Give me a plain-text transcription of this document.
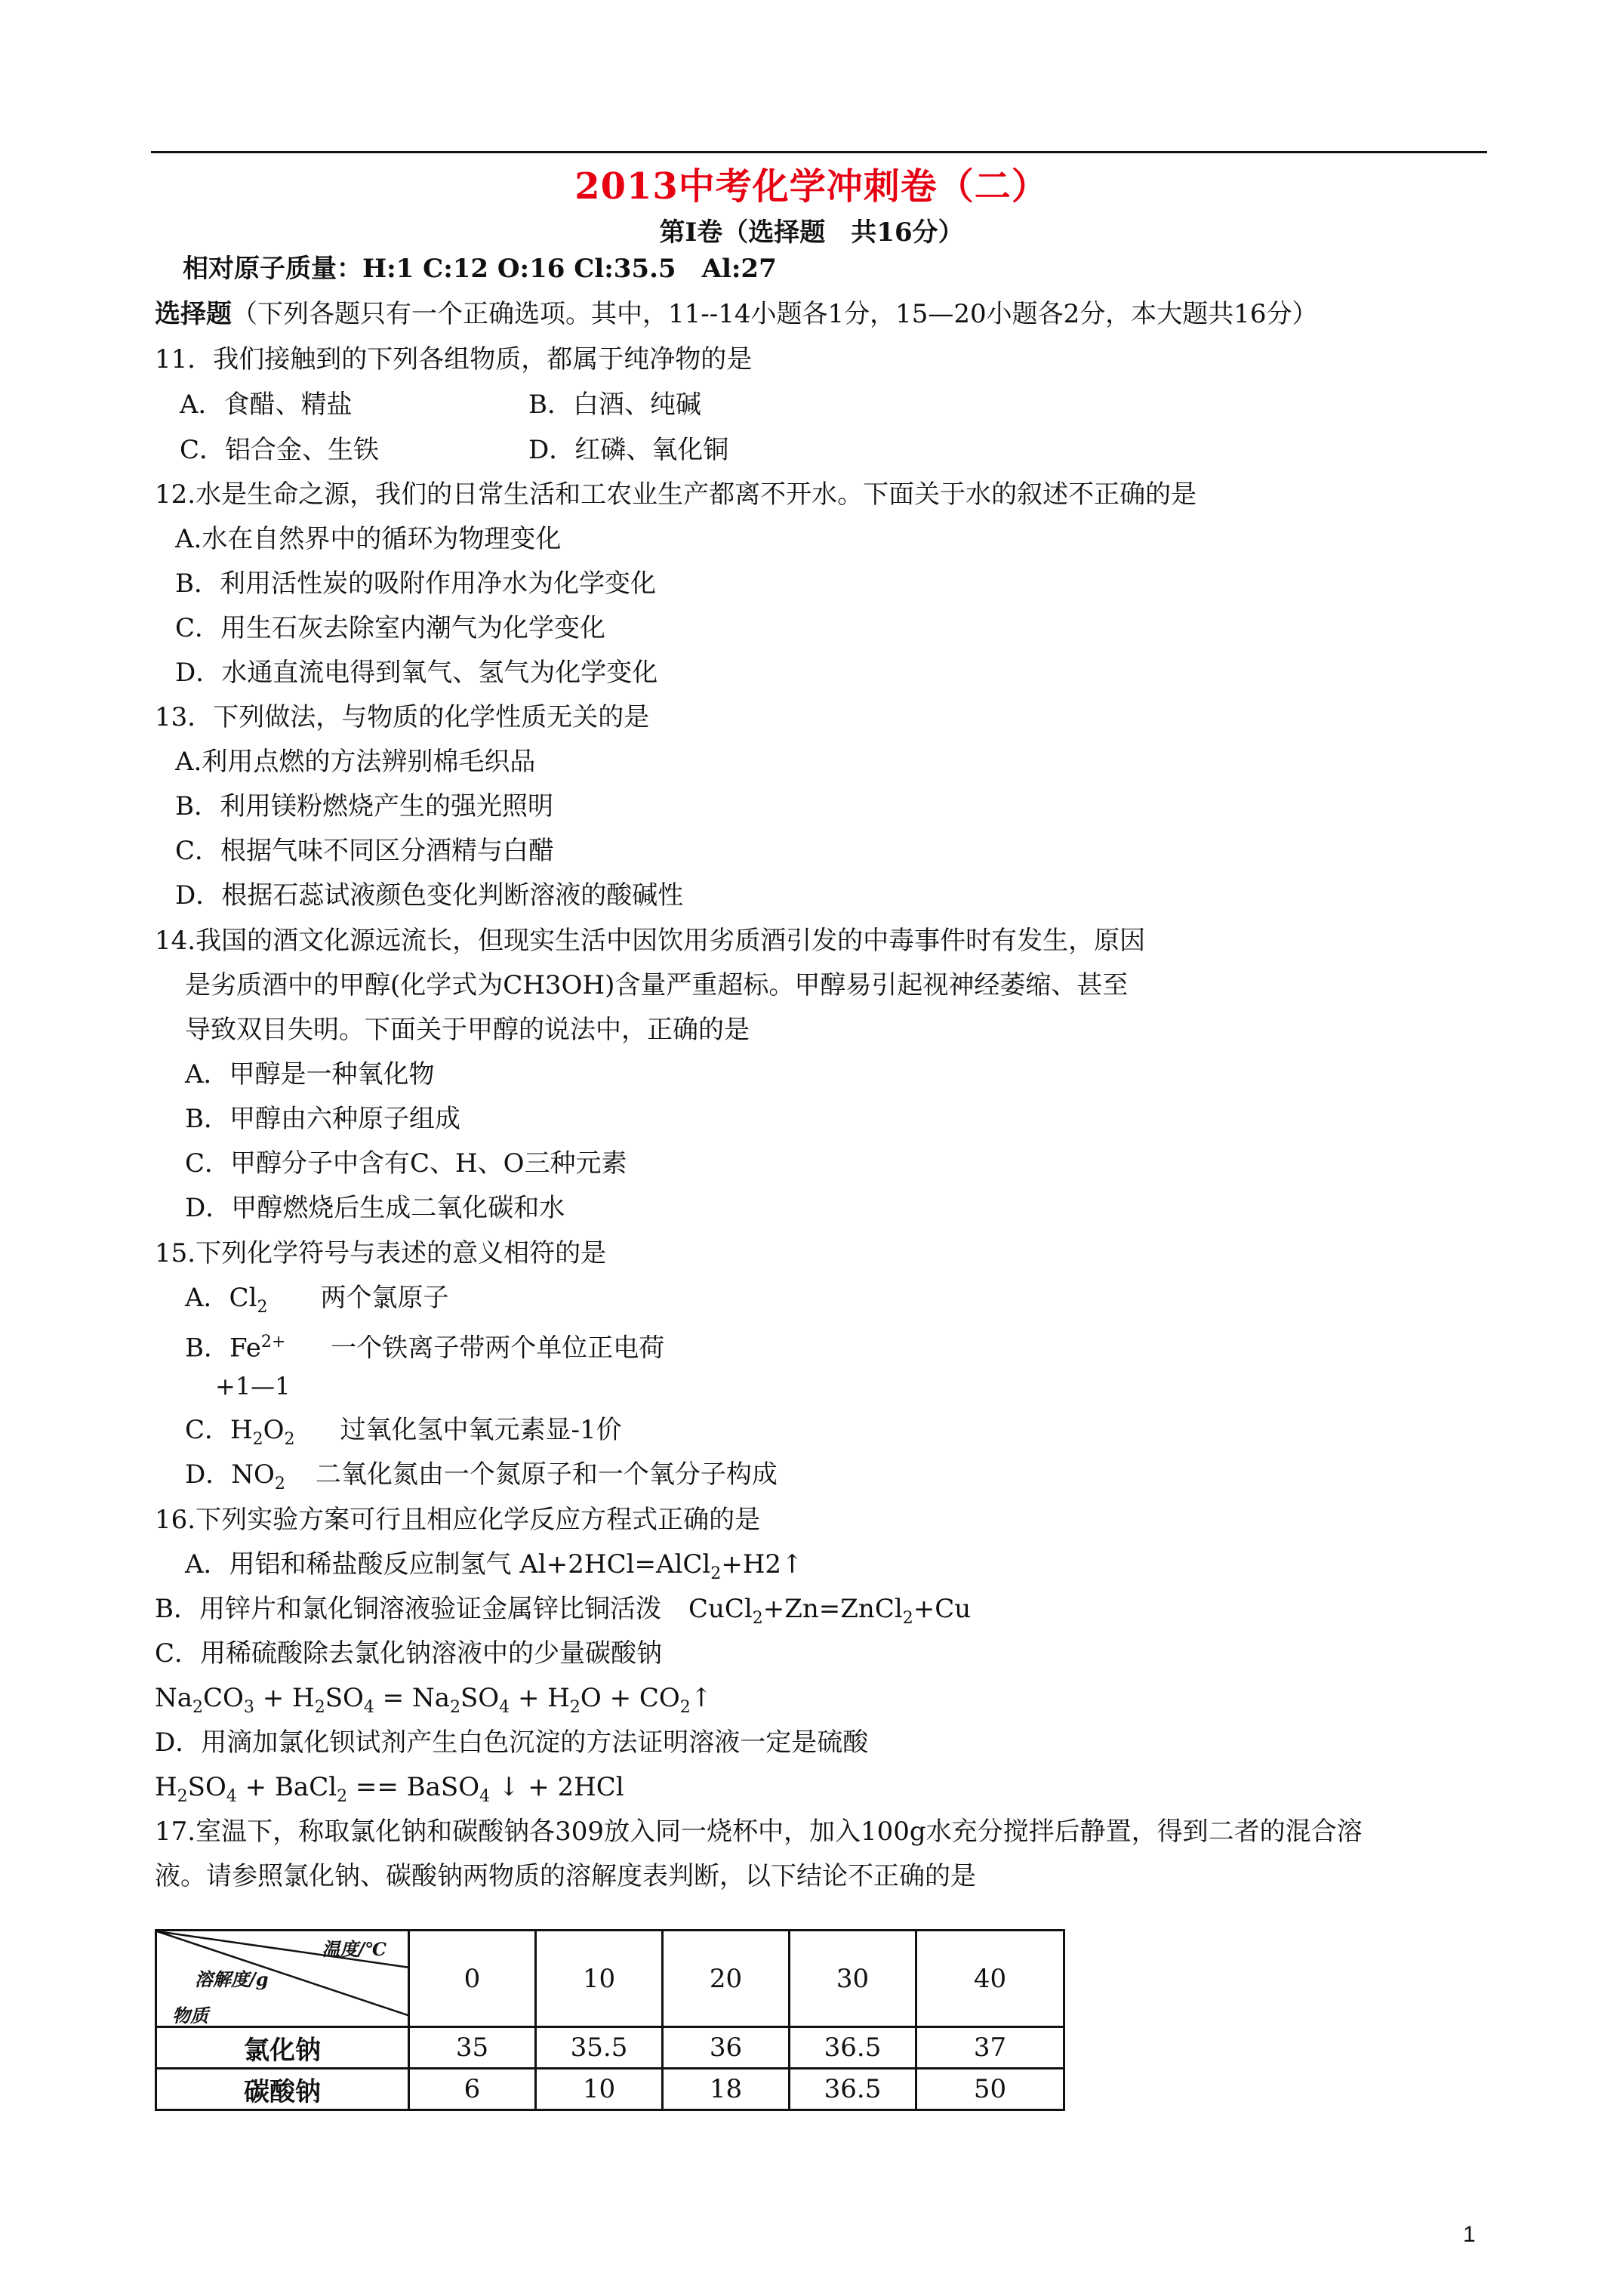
2013中考化学冲刺卷（二）
第Ⅰ卷（选择题　共16分）
相对原子质量：H:1 C:12 O:16 Cl:35.5　Al:27
选择题（下列各题只有一个正确选项。其中，11--14小题各1分，15—20小题各2分，本大题共16分）
11．我们接触到的下列各组物质，都属于纯净物的是
A．食醋、精盐	B．白酒、纯碱
C．铝合金、生铁	D．红磷、氧化铜
12.水是生命之源，我们的日常生活和工农业生产都离不开水。下面关于水的叙述不正确的是
A.水在自然界中的循环为物理变化
B．利用活性炭的吸附作用净水为化学变化
C．用生石灰去除室内潮气为化学变化
D．水通直流电得到氧气、氢气为化学变化
13．下列做法，与物质的化学性质无关的是
A.利用点燃的方法辨别棉毛织品
B．利用镁粉燃烧产生的强光照明
C．根据气味不同区分酒精与白醋
D．根据石蕊试液颜色变化判断溶液的酸碱性
14.我国的酒文化源远流长，但现实生活中因饮用劣质酒引发的中毒事件时有发生，原因
是劣质酒中的甲醇(化学式为CH3OH)含量严重超标。甲醇易引起视神经萎缩、甚至
导致双目失明。下面关于甲醇的说法中，正确的是
A．甲醇是一种氧化物
B．甲醇由六种原子组成
C．甲醇分子中含有C、H、O三种元素
D．甲醇燃烧后生成二氧化碳和水
15.下列化学符号与表述的意义相符的是
A．$Cl_2$ 两个氯原子
B．$Fe^{2+}$ 一个铁离子带两个单位正电荷
+1—1
C．$H_2O_2$ 过氧化氢中氧元素显-1价
D．$NO_2$ 二氧化氮由一个氮原子和一个氧分子构成
16.下列实验方案可行且相应化学反应方程式正确的是
A．用铝和稀盐酸反应制氢气 Al+2HCl=AlCl$_2$+H2↑
B．用锌片和氯化铜溶液验证金属锌比铜活泼 CuCl$_2$+Zn=ZnCl$_2$+Cu
C．用稀硫酸除去氯化钠溶液中的少量碳酸钠
$Na_2CO_3 + H_2SO_4 = Na_2SO_4 + H_2O$ + $CO_2↑$
D．用滴加氯化钡试剂产生白色沉淀的方法证明溶液一定是硫酸
$H_2SO_4$ + BaCl$_2$ == BaSO$_4$ ↓ + 2HCl
17.室温下，称取氯化钠和碳酸钠各309放入同一烧杯中，加入100g水充分搅拌后静置，得到二者的混合溶
液。请参照氯化钠、碳酸钠两物质的溶解度表判断，以下结论不正确的是
温度/℃
溶解度/g
物质	0	10	20	30	40
氯化钠	35	35.5	36	36.5	37
碳酸钠	6	10	18	36.5	50
1
